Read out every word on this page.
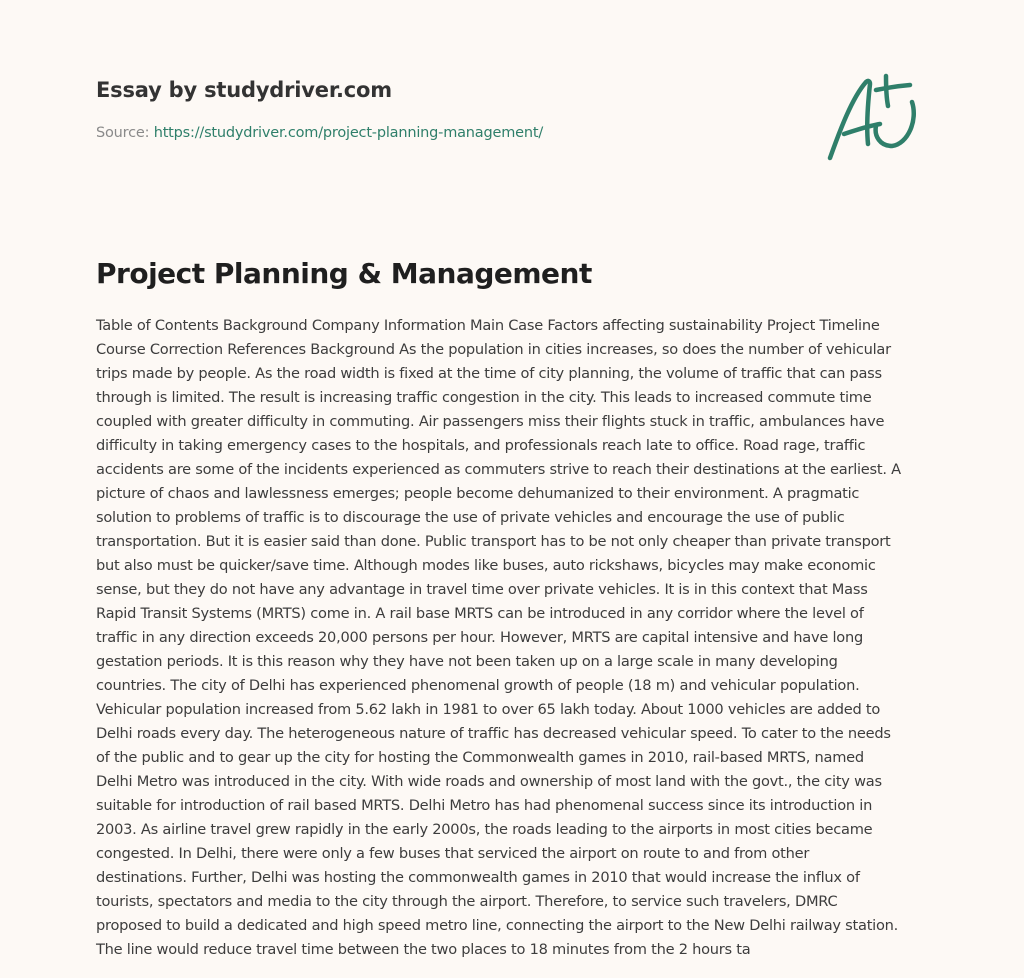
Essay by studydriver.com
Source: https://studydriver.com/project-planning-management/
Project Planning & Management
Table of Contents Background Company Information Main Case Factors affecting sustainability Project Timeline
Course Correction References Background As the population in cities increases, so does the number of vehicular
trips made by people. As the road width is fixed at the time of city planning, the volume of traffic that can pass
through is limited. The result is increasing traffic congestion in the city. This leads to increased commute time
coupled with greater difficulty in commuting. Air passengers miss their flights stuck in traffic, ambulances have
difficulty in taking emergency cases to the hospitals, and professionals reach late to office. Road rage, traffic
accidents are some of the incidents experienced as commuters strive to reach their destinations at the earliest. A
picture of chaos and lawlessness emerges; people become dehumanized to their environment. A pragmatic
solution to problems of traffic is to discourage the use of private vehicles and encourage the use of public
transportation. But it is easier said than done. Public transport has to be not only cheaper than private transport
but also must be quicker/save time. Although modes like buses, auto rickshaws, bicycles may make economic
sense, but they do not have any advantage in travel time over private vehicles. It is in this context that Mass
Rapid Transit Systems (MRTS) come in. A rail base MRTS can be introduced in any corridor where the level of
traffic in any direction exceeds 20,000 persons per hour. However, MRTS are capital intensive and have long
gestation periods. It is this reason why they have not been taken up on a large scale in many developing
countries. The city of Delhi has experienced phenomenal growth of people (18 m) and vehicular population.
Vehicular population increased from 5.62 lakh in 1981 to over 65 lakh today. About 1000 vehicles are added to
Delhi roads every day. The heterogeneous nature of traffic has decreased vehicular speed. To cater to the needs
of the public and to gear up the city for hosting the Commonwealth games in 2010, rail-based MRTS, named
Delhi Metro was introduced in the city. With wide roads and ownership of most land with the govt., the city was
suitable for introduction of rail based MRTS. Delhi Metro has had phenomenal success since its introduction in
2003. As airline travel grew rapidly in the early 2000s, the roads leading to the airports in most cities became
congested. In Delhi, there were only a few buses that serviced the airport on route to and from other
destinations. Further, Delhi was hosting the commonwealth games in 2010 that would increase the influx of
tourists, spectators and media to the city through the airport. Therefore, to service such travelers, DMRC
proposed to build a dedicated and high speed metro line, connecting the airport to the New Delhi railway station.
The line would reduce travel time between the two places to 18 minutes from the 2 hours ta
